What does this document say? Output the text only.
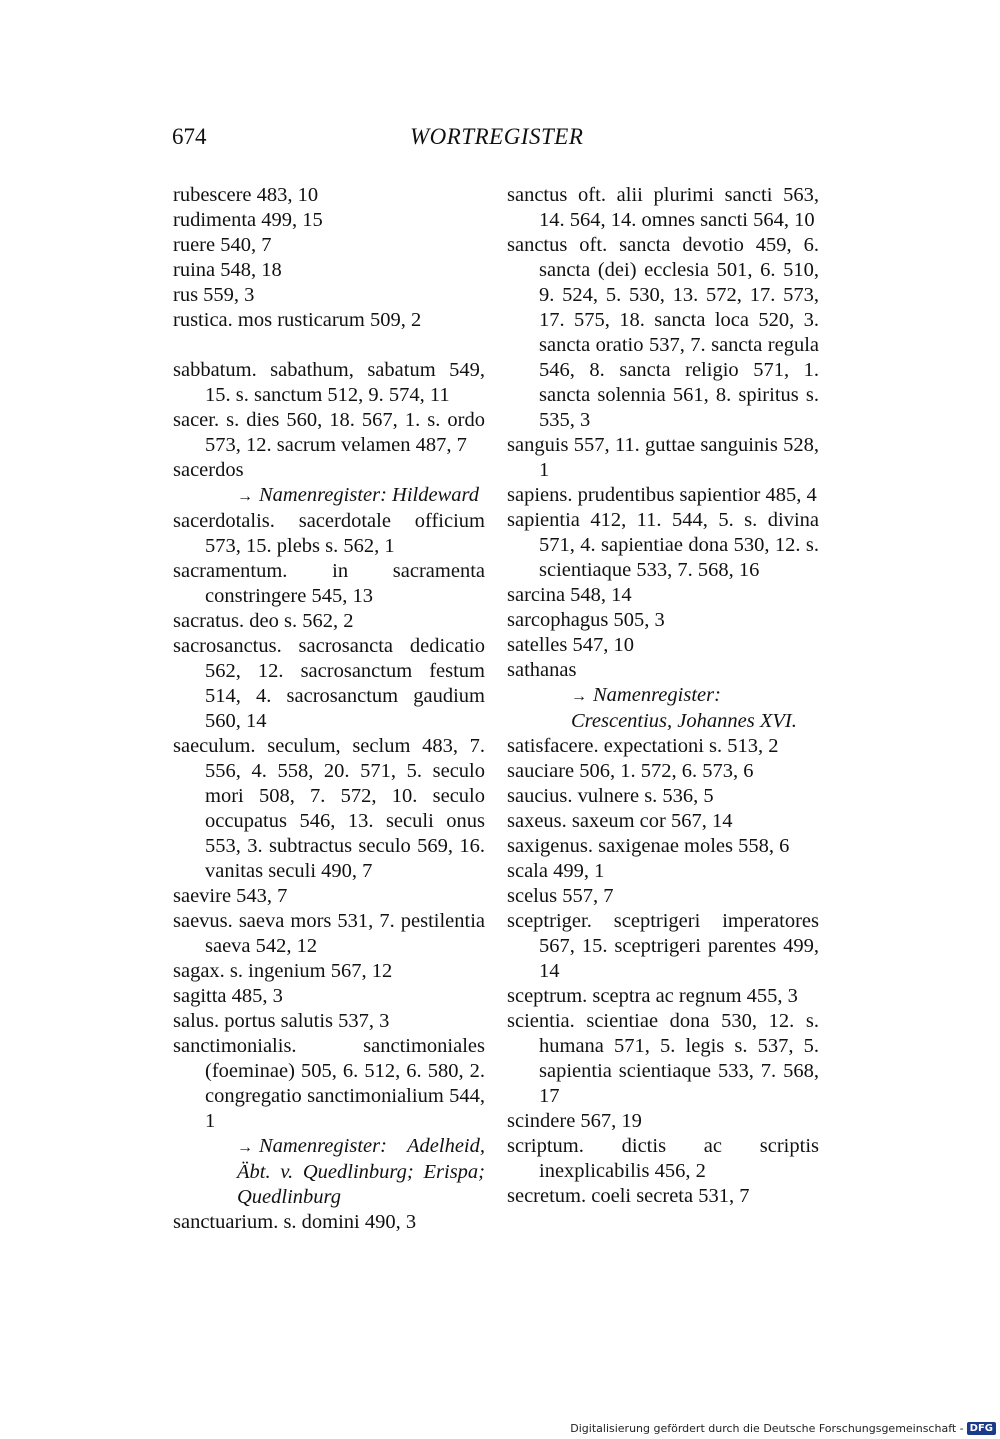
674	WORTREGISTER
rubescere 483, 10
rudimenta 499, 15
ruere 540, 7
ruina 548, 18
rus 559, 3
rustica. mos rusticarum 509, 2
sabbatum. sabathum, sabatum 549, 15. s. sanctum 512, 9. 574, 11
sacer. s. dies 560, 18. 567, 1. s. ordo 573, 12. sacrum velamen 487, 7
sacerdos
→ Namenregister: Hildeward
sacerdotalis. sacerdotale officium 573, 15. plebs s. 562, 1
sacramentum. in sacramenta constringere 545, 13
sacratus. deo s. 562, 2
sacrosanctus. sacrosancta dedicatio 562, 12. sacrosanctum festum 514, 4. sacrosanctum gaudium 560, 14
saeculum. seculum, seclum 483, 7. 556, 4. 558, 20. 571, 5. seculo mori 508, 7. 572, 10. seculo occupatus 546, 13. seculi onus 553, 3. subtractus seculo 569, 16. vanitas seculi 490, 7
saevire 543, 7
saevus. saeva mors 531, 7. pestilentia saeva 542, 12
sagax. s. ingenium 567, 12
sagitta 485, 3
salus. portus salutis 537, 3
sanctimonialis. sanctimoniales (foeminae) 505, 6. 512, 6. 580, 2. congregatio sanctimonialium 544, 1
→ Namenregister: Adelheid, Äbt. v. Quedlinburg; Erispa; Quedlinburg
sanctuarium. s. domini 490, 3
sanctus oft. alii plurimi sancti 563, 14. 564, 14. omnes sancti 564, 10
sanctus oft. sancta devotio 459, 6. sancta (dei) ecclesia 501, 6. 510, 9. 524, 5. 530, 13. 572, 17. 573, 17. 575, 18. sancta loca 520, 3. sancta oratio 537, 7. sancta regula 546, 8. sancta religio 571, 1. sancta solennia 561, 8. spiritus s. 535, 3
sanguis 557, 11. guttae sanguinis 528, 1
sapiens. prudentibus sapientior 485, 4
sapientia 412, 11. 544, 5. s. divina 571, 4. sapientiae dona 530, 12. s. scientiaque 533, 7. 568, 16
sarcina 548, 14
sarcophagus 505, 3
satelles 547, 10
sathanas
→ Namenregister: Crescentius, Johannes XVI.
satisfacere. expectationi s. 513, 2
sauciare 506, 1. 572, 6. 573, 6
saucius. vulnere s. 536, 5
saxeus. saxeum cor 567, 14
saxigenus. saxigenae moles 558, 6
scala 499, 1
scelus 557, 7
sceptriger. sceptrigeri imperatores 567, 15. sceptrigeri parentes 499, 14
sceptrum. sceptra ac regnum 455, 3
scientia. scientiae dona 530, 12. s. humana 571, 5. legis s. 537, 5. sapientia scientiaque 533, 7. 568, 17
scindere 567, 19
scriptum. dictis ac scriptis inexplicabilis 456, 2
secretum. coeli secreta 531, 7
Digitalisierung gefördert durch die Deutsche Forschungsgemeinschaft - DFG
